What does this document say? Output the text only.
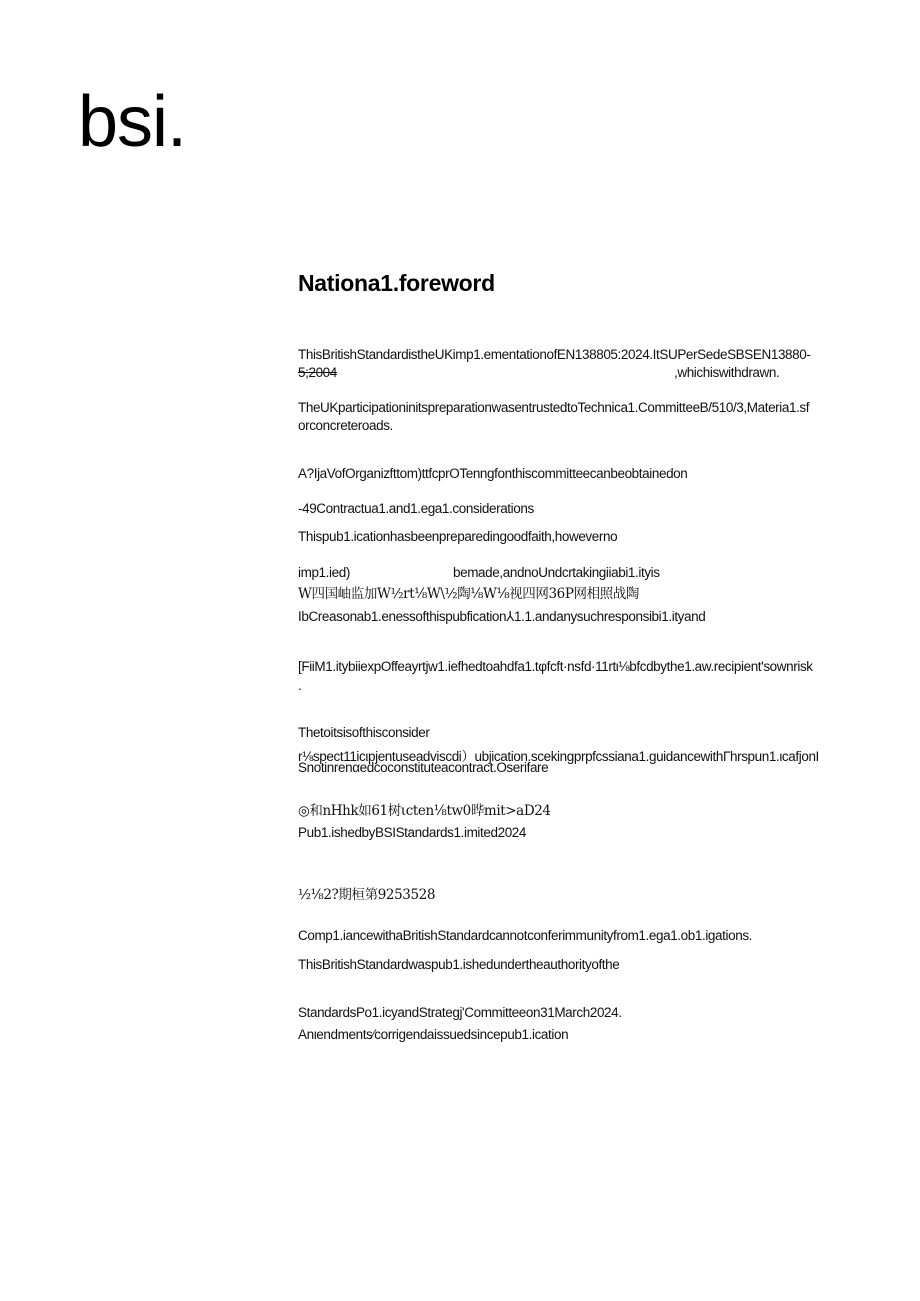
bsi.
Nationa1.foreword
ThisBritishStandardistheUKimp1.ementationofEN138805:2024.ItSUPerSedeSBSEN13880-
5;2004	,whichiswithdrawn.
TheUKparticipationinitspreparationwasentrustedtoTechnica1.CommitteeB/510/3,Materia1.sf
orconcreteroads.
A?IjaVofOrganizfttom)ttfcprOTenngfonthiscommitteecanbeobtainedon
-49Contractua1.and1.ega1.considerations
Thispub1.icationhasbeenpreparedingoodfaith,howeverno
imp1.ied)	bemade,andnoUndcrtakingiiabi1.ityis
W四国岫监加W½rt⅛W\½陶⅛W⅛视四网36P网相照战陶
IbCreasonab1.enessofthispubfication⅄1.1.andanysuchresponsibi1.ityand
[FiiM1.itybiiexpOffeayrtjw1.iefhedtoahdfa1.tφfcft·nsfd·11rtι⅛bfcdbythe1.aw.recipient'sownrisk
.
Thetoitsisofthisconsider
r⅛spect11icιpjentuseadviscdi）ubjication.scekingprpfcssiana1.guidancewithΓhrspun1.ιcafjonI
Snotinrenαedcoconstituteacontract.Oserifare
◎和nHhk如61树ιcten⅛tw0晔mit>aD24
Pub1.ishedbyBSIStandards1.imited2024
½⅛2?期桓第9253528
Comp1.iancewithaBritishStandardcannotconferimmunityfrom1.ega1.ob1.igations.
ThisBritishStandardwaspub1.ishedundertheauthorityofthe
StandardsPo1.icyandStrategj'Committeeon31March2024.
Anιendments⁄corrigendaissuedsincepub1.ication
